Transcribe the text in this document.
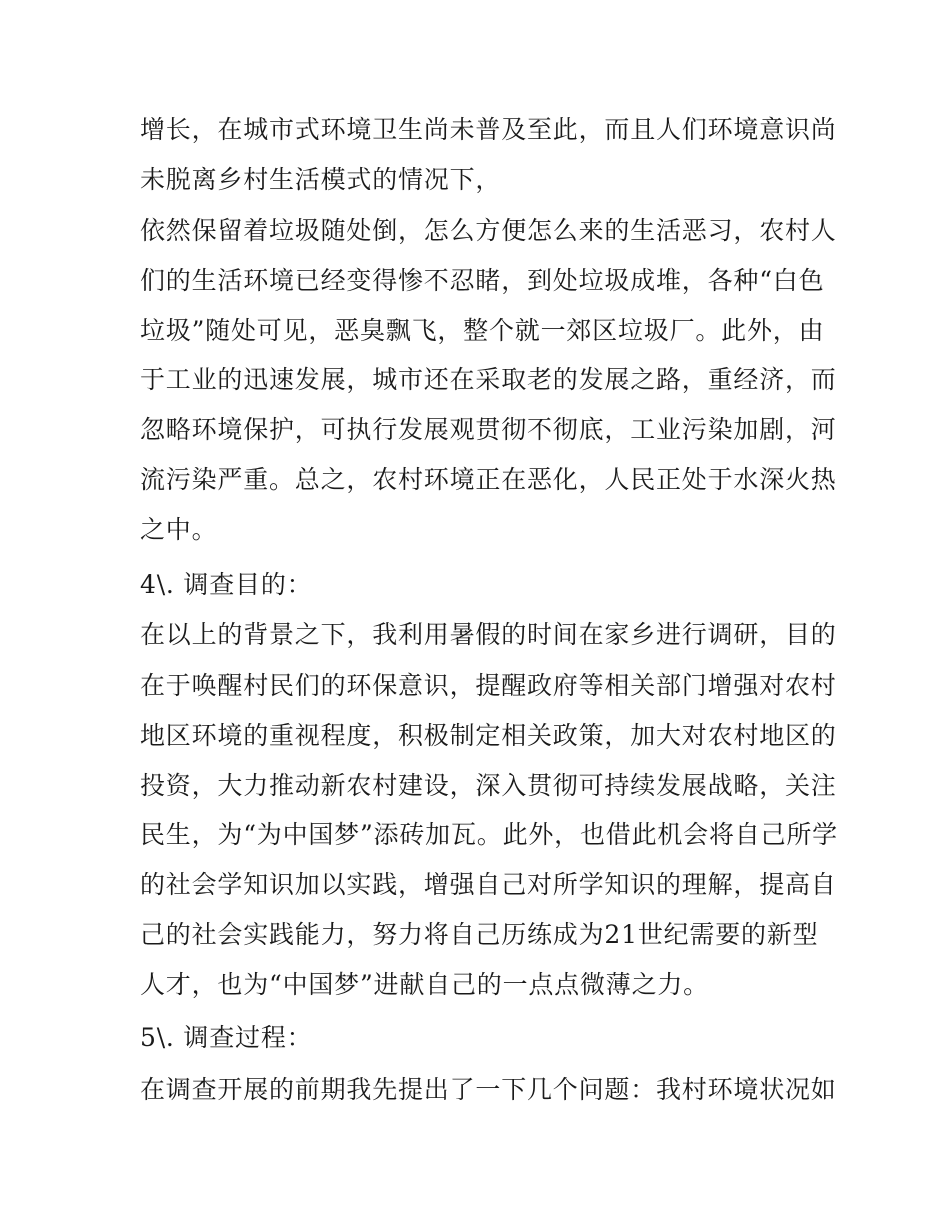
增长，在城市式环境卫生尚未普及至此，而且人们环境意识尚
未脱离乡村生活模式的情况下，
依然保留着垃圾随处倒，怎么方便怎么来的生活恶习，农村人
们的生活环境已经变得惨不忍睹，到处垃圾成堆，各种“白色
垃圾”随处可见，恶臭飘飞，整个就一郊区垃圾厂。此外，由
于工业的迅速发展，城市还在采取老的发展之路，重经济，而
忽略环境保护，可执行发展观贯彻不彻底，工业污染加剧，河
流污染严重。总之，农村环境正在恶化，人民正处于水深火热
之中。
4\. 调查目的：
在以上的背景之下，我利用暑假的时间在家乡进行调研，目的
在于唤醒村民们的环保意识，提醒政府等相关部门增强对农村
地区环境的重视程度，积极制定相关政策，加大对农村地区的
投资，大力推动新农村建设，深入贯彻可持续发展战略，关注
民生，为“为中国梦”添砖加瓦。此外，也借此机会将自己所学
的社会学知识加以实践，增强自己对所学知识的理解，提高自
己的社会实践能力，努力将自己历练成为21世纪需要的新型
人才，也为“中国梦”进献自己的一点点微薄之力。
5\. 调查过程：
在调查开展的前期我先提出了一下几个问题：我村环境状况如
